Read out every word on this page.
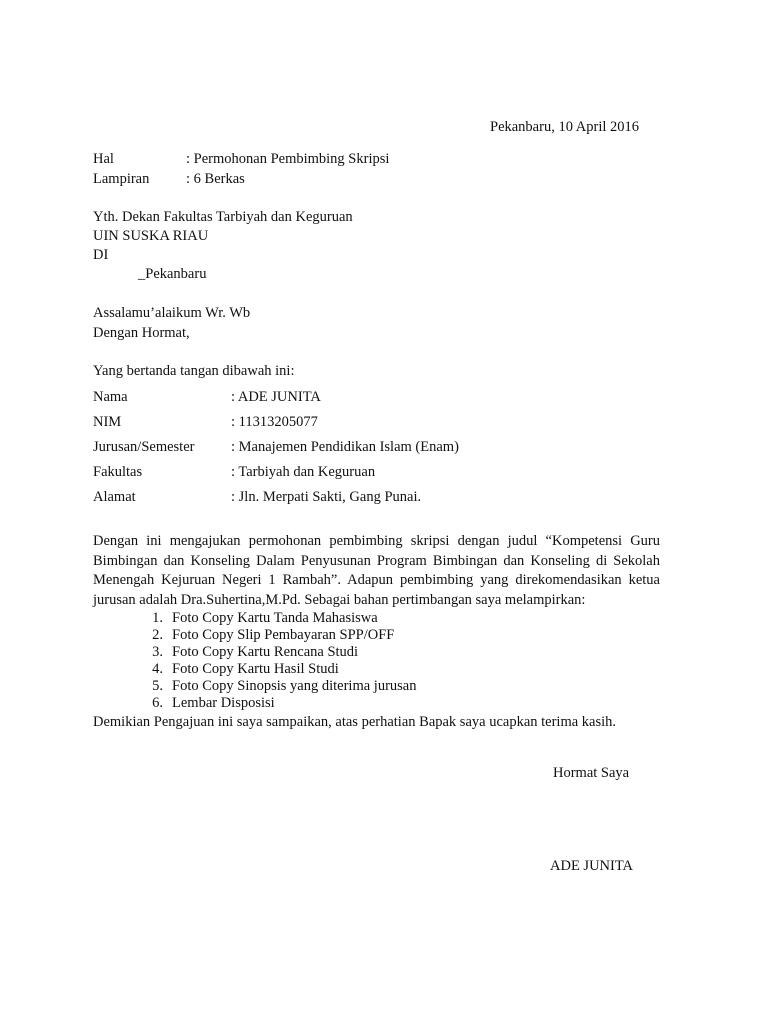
Pekanbaru, 10 April 2016
Hal	: Permohonan Pembimbing Skripsi
Lampiran	: 6 Berkas
Yth. Dekan Fakultas Tarbiyah dan Keguruan
UIN SUSKA RIAU
DI
_Pekanbaru
Assalamu’alaikum Wr. Wb
Dengan Hormat,
Yang bertanda tangan dibawah ini:
Nama	: ADE JUNITA
NIM	: 11313205077
Jurusan/Semester	: Manajemen Pendidikan Islam (Enam)
Fakultas	: Tarbiyah dan Keguruan
Alamat	: Jln. Merpati Sakti, Gang Punai.
Dengan ini mengajukan permohonan pembimbing skripsi dengan judul “Kompetensi Guru Bimbingan dan Konseling Dalam Penyusunan Program Bimbingan dan Konseling di Sekolah Menengah Kejuruan Negeri 1 Rambah”. Adapun pembimbing yang direkomendasikan ketua jurusan adalah Dra.Suhertina,M.Pd. Sebagai bahan pertimbangan saya melampirkan:
1. Foto Copy Kartu Tanda Mahasiswa
2. Foto Copy Slip Pembayaran SPP/OFF
3. Foto Copy Kartu Rencana Studi
4. Foto Copy Kartu Hasil Studi
5. Foto Copy Sinopsis yang diterima jurusan
6. Lembar Disposisi
Demikian Pengajuan ini saya sampaikan, atas perhatian Bapak saya ucapkan terima kasih.
Hormat Saya
ADE JUNITA
